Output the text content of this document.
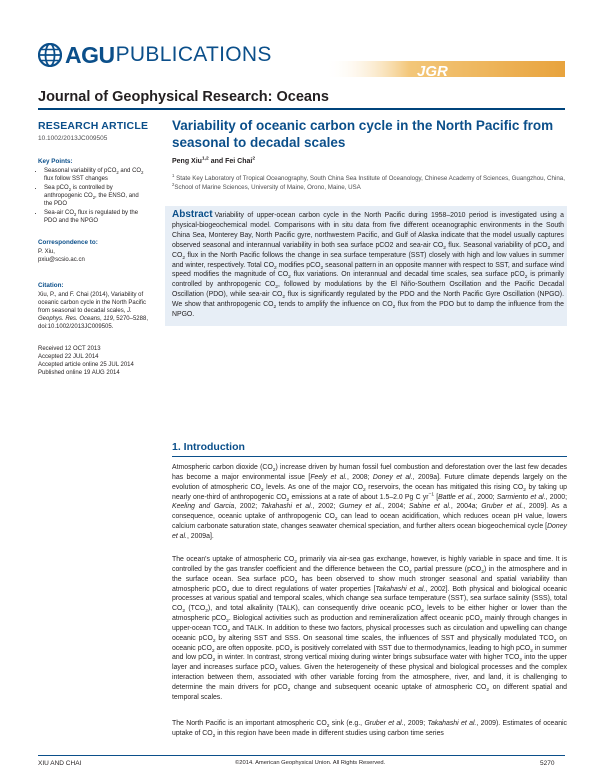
AGU PUBLICATIONS
JGR
Journal of Geophysical Research: Oceans
RESEARCH ARTICLE
10.1002/2013JC009505
Key Points:
• Seasonal variability of pCO$_2$ and $CO_2$ flux follow SST changes
• Sea pCO$_2$ is controlled by anthropogenic $CO_2$, the ENSO, and the PDO
• Sea-air $CO_2$ flux is regulated by the PDO and the NPGO
Correspondence to:

P. Xiu,

pxiu@scsio.ac.cn

Citation:

Xiu, P., and F. Chai (2014), Variability of oceanic carbon cycle in the North Pacific from seasonal to decadal scales, J. Geophys. Res. Oceans, 119, 5270–5288, doi:10.1002/2013JC009505.

Received 12 OCT 2013

Accepted 22 JUL 2014

Accepted article online 25 JUL 2014

Published online 19 AUG 2014

Variability of oceanic carbon cycle in the North Pacific from seasonal to decadal scales
Peng Xiu$^{1,2}$ and Fei Chai$^2$
$^1$ State Key Laboratory of Tropical Oceanography, South China Sea Institute of Oceanology, Chinese Academy of Sciences, Guangzhou, China, $^2$School of Marine Sciences, University of Maine, Orono, Maine, USA
Abstract Variability of upper-ocean carbon cycle in the North Pacific during 1958–2010 period is investigated using a physical-biogeochemical model. Comparisons with in situ data from five different oceanographic environments in the South China Sea, Monterey Bay, North Pacific gyre, northwestern Pacific, and Gulf of Alaska indicate that the model usually captures observed seasonal and interannual variability in both sea surface pCO2 and sea-air $CO_2$ flux. Seasonal variability of pCO$_2$ and $CO_2$ flux in the North Pacific follows the change in sea surface temperature (SST) closely with high and low values in summer and winter, respectively. Total $CO_2$ modifies pCO$_2$ seasonal pattern in an opposite manner with respect to SST, and surface wind speed modifies the magnitude of $CO_2$ flux variations. On interannual and decadal time scales, sea surface pCO$_2$ is primarily controlled by anthropogenic $CO_2$, followed by modulations by the El Niño-Southern Oscillation and the Pacific Decadal Oscillation (PDO), while sea-air $CO_2$ flux is significantly regulated by the PDO and the North Pacific Gyre Oscillation (NPGO). We show that anthropogenic $CO_2$ tends to amplify the influence on $CO_2$ flux from the PDO but to damp the influence from the NPGO.
1. Introduction
Atmospheric carbon dioxide $(CO_2)$ increase driven by human fossil fuel combustion and deforestation over the last few decades has become a major environmental issue [Feely et al., 2008; Doney et al., 2009a]. Future climate depends largely on the evolution of atmospheric $CO_2$ levels. As one of the major $CO_2$ reservoirs, the ocean has mitigated this rising $CO_2$ by taking up nearly one-third of anthropogenic $CO_2$ emissions at a rate of about 1.5–2.0 Pg C $yr^{-1}$ [Battle et al., 2000; Sarmiento et al., 2000; Keeling and Garcia, 2002; Takahashi et al., 2002; Gurney et al., 2004; Sabine et al., 2004a; Gruber et al., 2009]. As a consequence, oceanic uptake of anthropogenic $CO_2$ can lead to ocean acidification, which reduces ocean pH value, lowers calcium carbonate saturation state, changes seawater chemical speciation, and further alters ocean biogeochemical cycle [Doney et al., 2009a].
The ocean's uptake of atmospheric $CO_2$ primarily via air-sea gas exchange, however, is highly variable in space and time. It is controlled by the gas transfer coefficient and the difference between the $CO_2$ partial pressure (pCO$_2$) in the atmosphere and in the surface ocean. Sea surface pCO$_2$ has been observed to show much stronger seasonal and spatial variability than atmospheric pCO$_2$ due to direct regulations of water properties [Takahashi et al., 2002]. Both physical and biological oceanic processes at various spatial and temporal scales, which change sea surface temperature (SST), sea surface salinity (SSS), total $CO_2$ $(TCO_2)$, and total alkalinity (TALK), can consequently drive oceanic pCO$_2$ levels to be either higher or lower than the atmospheric pCO$_2$. Biological activities such as production and remineralization affect oceanic pCO$_2$ mainly through changes in upper-ocean $TCO_2$ and TALK. In addition to these two factors, physical processes such as circulation and upwelling can change oceanic pCO$_2$ by altering SST and SSS. On seasonal time scales, the influences of SST and physically modulated $TCO_2$ on oceanic pCO$_2$ are often opposite. pCO$_2$ is positively correlated with SST due to thermodynamics, leading to high pCO$_2$ in summer and low pCO$_2$ in winter. In contrast, strong vertical mixing during winter brings subsurface water with higher $TCO_2$ into the upper layer and increases surface pCO$_2$ values. Given the heterogeneity of these physical and biological processes and the complex interaction between them, associated with other variable forcing from the atmosphere, river, and land, it is challenging to determine the main drivers for pCO$_2$ change and subsequent oceanic uptake of atmospheric $CO_2$ on different spatial and temporal scales.
The North Pacific is an important atmospheric $CO_2$ sink (e.g., Gruber et al., 2009; Takahashi et al., 2009). Estimates of oceanic uptake of $CO_2$ in this region have been made in different studies using carbon time series
XIU AND CHAI	©2014. American Geophysical Union. All Rights Reserved.	5270
